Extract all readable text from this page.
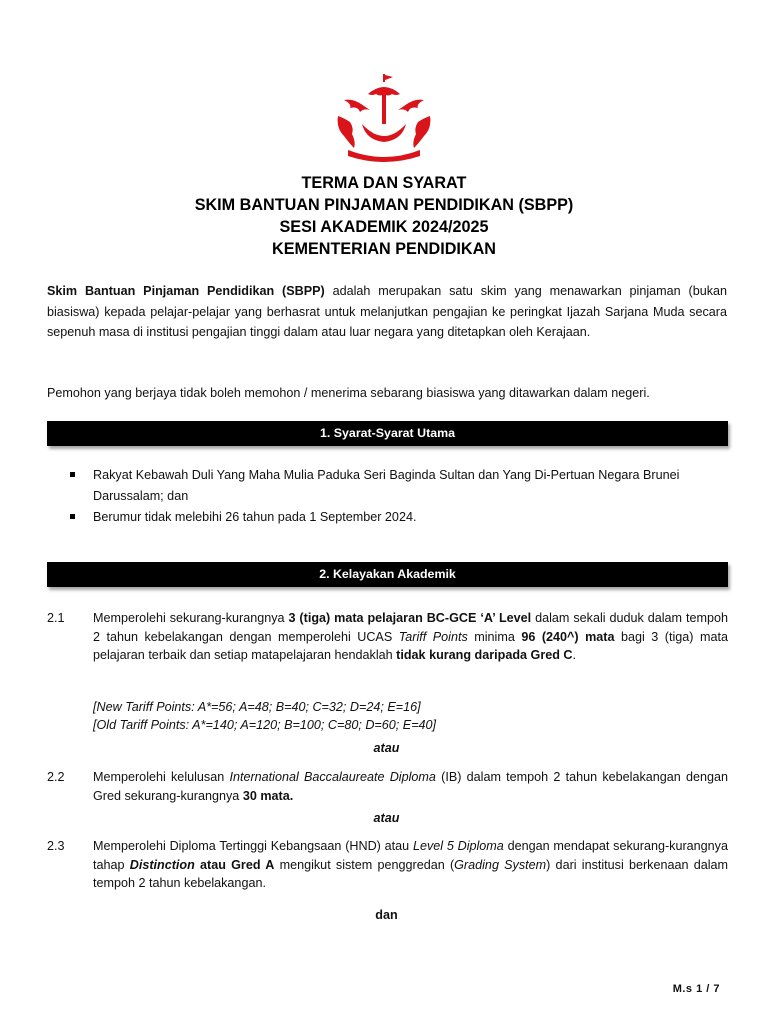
TERMA DAN SYARAT
SKIM BANTUAN PINJAMAN PENDIDIKAN (SBPP)
SESI AKADEMIK 2024/2025
KEMENTERIAN PENDIDIKAN
Skim Bantuan Pinjaman Pendidikan (SBPP) adalah merupakan satu skim yang menawarkan pinjaman (bukan biasiswa) kepada pelajar-pelajar yang berhasrat untuk melanjutkan pengajian ke peringkat Ijazah Sarjana Muda secara sepenuh masa di institusi pengajian tinggi dalam atau luar negara yang ditetapkan oleh Kerajaan.
Pemohon yang berjaya tidak boleh memohon / menerima sebarang biasiswa yang ditawarkan dalam negeri.
1. Syarat-Syarat Utama
Rakyat Kebawah Duli Yang Maha Mulia Paduka Seri Baginda Sultan dan Yang Di-Pertuan Negara Brunei Darussalam; dan
Berumur tidak melebihi 26 tahun pada 1 September 2024.
2. Kelayakan Akademik
2.1	Memperolehi sekurang-kurangnya 3 (tiga) mata pelajaran BC-GCE ‘A’ Level dalam sekali duduk dalam tempoh 2 tahun kebelakangan dengan memperolehi UCAS Tariff Points minima 96 (240^) mata bagi 3 (tiga) mata pelajaran terbaik dan setiap matapelajaran hendaklah tidak kurang daripada Gred C.
[New Tariff Points: A*=56; A=48; B=40; C=32; D=24; E=16]
[Old Tariff Points: A*=140; A=120; B=100; C=80; D=60; E=40]
atau
2.2	Memperolehi kelulusan International Baccalaureate Diploma (IB) dalam tempoh 2 tahun kebelakangan dengan Gred sekurang-kurangnya 30 mata.
atau
2.3	Memperolehi Diploma Tertinggi Kebangsaan (HND) atau Level 5 Diploma dengan mendapat sekurang-kurangnya tahap Distinction atau Gred A mengikut sistem penggredan (Grading System) dari institusi berkenaan dalam tempoh 2 tahun kebelakangan.
dan
M.s 1 / 7
